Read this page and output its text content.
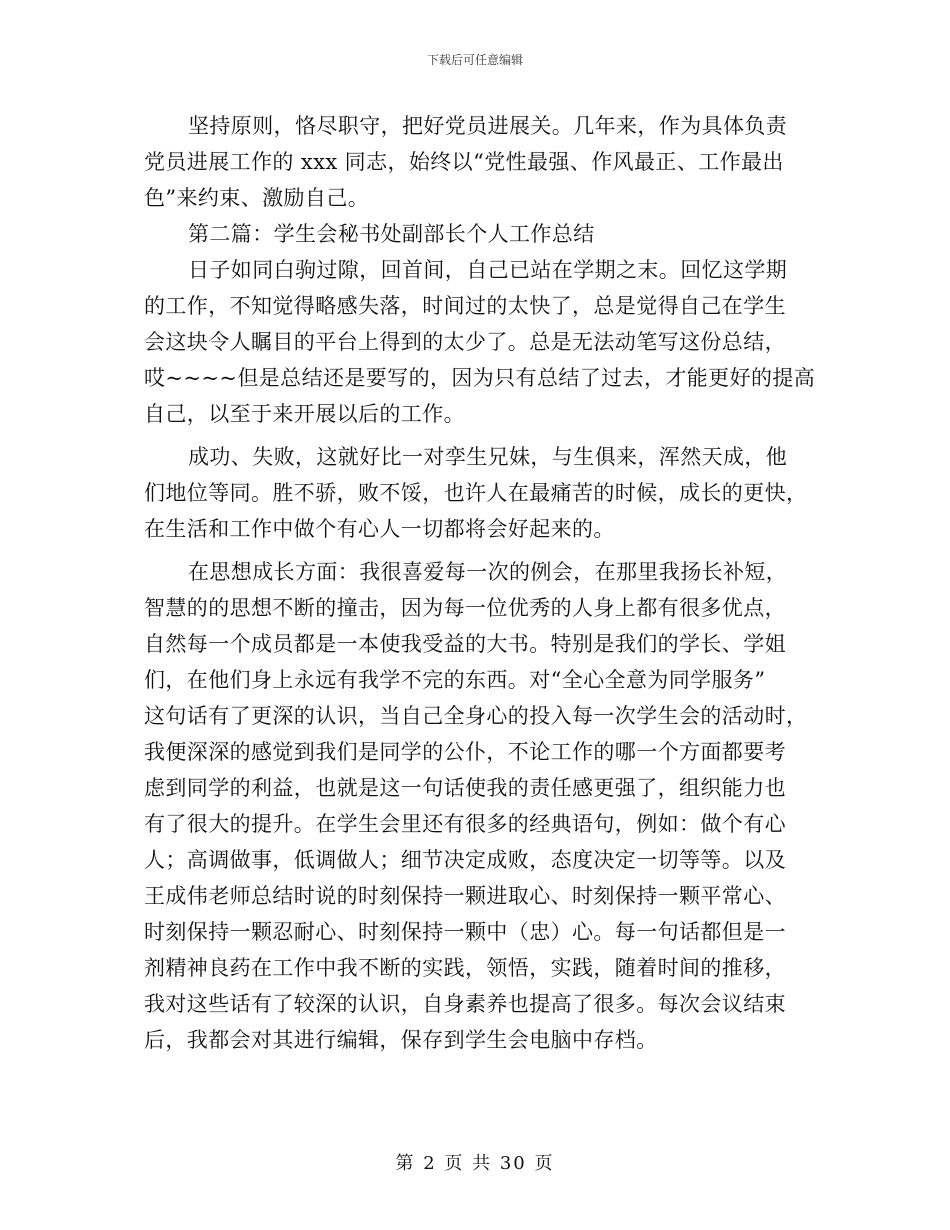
下载后可任意编辑
坚持原则，恪尽职守，把好党员进展关。几年来，作为具体负责
党员进展工作的 xxx 同志，始终以“党性最强、作风最正、工作最出
色”来约束、激励自己。
第二篇：学生会秘书处副部长个人工作总结
日子如同白驹过隙，回首间，自己已站在学期之末。回忆这学期
的工作，不知觉得略感失落，时间过的太快了，总是觉得自己在学生
会这块令人瞩目的平台上得到的太少了。总是无法动笔写这份总结，
哎~~~~但是总结还是要写的，因为只有总结了过去，才能更好的提高
自己，以至于来开展以后的工作。
成功、失败，这就好比一对孪生兄妹，与生俱来，浑然天成，他
们地位等同。胜不骄，败不馁，也许人在最痛苦的时候，成长的更快，
在生活和工作中做个有心人一切都将会好起来的。
在思想成长方面：我很喜爱每一次的例会，在那里我扬长补短，
智慧的的思想不断的撞击，因为每一位优秀的人身上都有很多优点，
自然每一个成员都是一本使我受益的大书。特别是我们的学长、学姐
们，在他们身上永远有我学不完的东西。对“全心全意为同学服务”
这句话有了更深的认识，当自己全身心的投入每一次学生会的活动时，
我便深深的感觉到我们是同学的公仆，不论工作的哪一个方面都要考
虑到同学的利益，也就是这一句话使我的责任感更强了，组织能力也
有了很大的提升。在学生会里还有很多的经典语句，例如：做个有心
人；高调做事，低调做人；细节决定成败，态度决定一切等等。以及
王成伟老师总结时说的时刻保持一颗进取心、时刻保持一颗平常心、
时刻保持一颗忍耐心、时刻保持一颗中（忠）心。每一句话都但是一
剂精神良药在工作中我不断的实践，领悟，实践，随着时间的推移，
我对这些话有了较深的认识，自身素养也提高了很多。每次会议结束
后，我都会对其进行编辑，保存到学生会电脑中存档。
第 2 页 共 30 页
